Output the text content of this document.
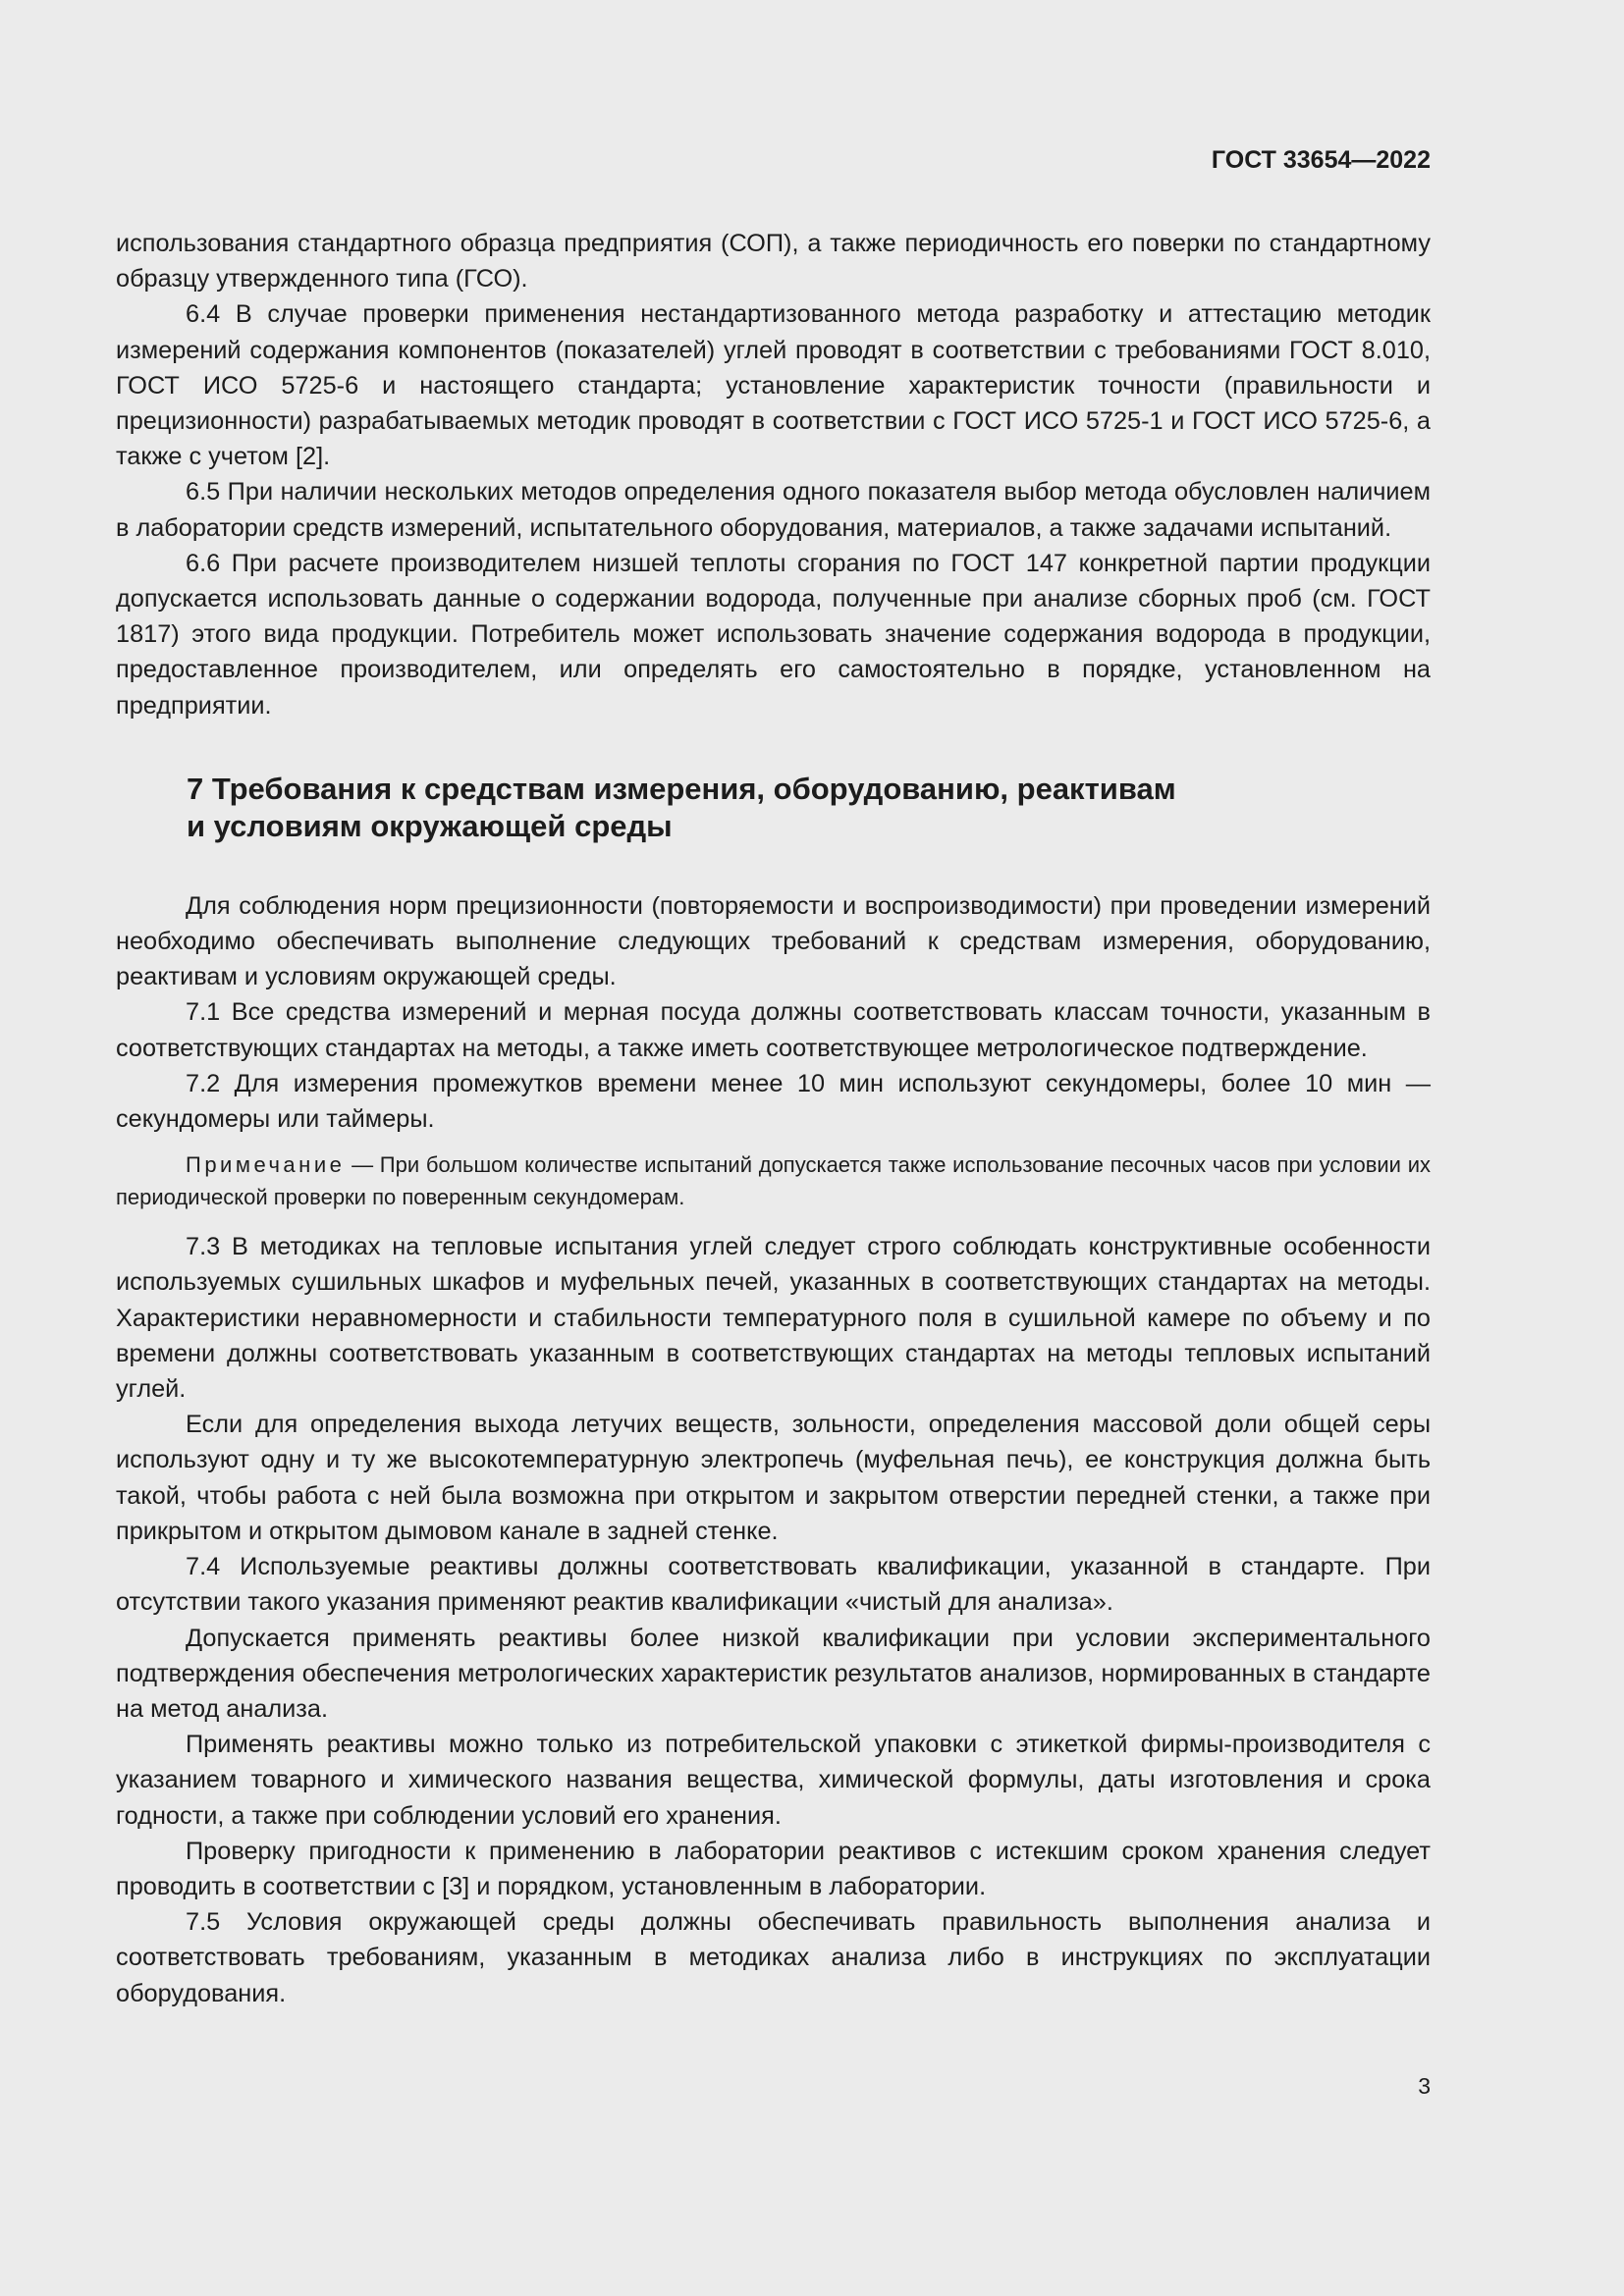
ГОСТ 33654—2022

использования стандартного образца предприятия (СОП), а также периодичность его поверки по стандартному образцу утвержденного типа (ГСО).

6.4 В случае проверки применения нестандартизованного метода разработку и аттестацию методик измерений содержания компонентов (показателей) углей проводят в соответствии с требованиями ГОСТ 8.010, ГОСТ ИСО 5725-6 и настоящего стандарта; установление характеристик точности (правильности и прецизионности) разрабатываемых методик проводят в соответствии с ГОСТ ИСО 5725-1 и ГОСТ ИСО 5725-6, а также с учетом [2].

6.5 При наличии нескольких методов определения одного показателя выбор метода обусловлен наличием в лаборатории средств измерений, испытательного оборудования, материалов, а также задачами испытаний.

6.6 При расчете производителем низшей теплоты сгорания по ГОСТ 147 конкретной партии продукции допускается использовать данные о содержании водорода, полученные при анализе сборных проб (см. ГОСТ 1817) этого вида продукции. Потребитель может использовать значение содержания водорода в продукции, предоставленное производителем, или определять его самостоятельно в порядке, установленном на предприятии.

7 Требования к средствам измерения, оборудованию, реактивам
и условиям окружающей среды

Для соблюдения норм прецизионности (повторяемости и воспроизводимости) при проведении измерений необходимо обеспечивать выполнение следующих требований к средствам измерения, оборудованию, реактивам и условиям окружающей среды.

7.1 Все средства измерений и мерная посуда должны соответствовать классам точности, указанным в соответствующих стандартах на методы, а также иметь соответствующее метрологическое подтверждение.

7.2 Для измерения промежутков времени менее 10 мин используют секундомеры, более 10 мин — секундомеры или таймеры.

Примечание — При большом количестве испытаний допускается также использование песочных часов при условии их периодической проверки по поверенным секундомерам.

7.3 В методиках на тепловые испытания углей следует строго соблюдать конструктивные особенности используемых сушильных шкафов и муфельных печей, указанных в соответствующих стандартах на методы. Характеристики неравномерности и стабильности температурного поля в сушильной камере по объему и по времени должны соответствовать указанным в соответствующих стандартах на методы тепловых испытаний углей.

Если для определения выхода летучих веществ, зольности, определения массовой доли общей серы используют одну и ту же высокотемпературную электропечь (муфельная печь), ее конструкция должна быть такой, чтобы работа с ней была возможна при открытом и закрытом отверстии передней стенки, а также при прикрытом и открытом дымовом канале в задней стенке.

7.4 Используемые реактивы должны соответствовать квалификации, указанной в стандарте. При отсутствии такого указания применяют реактив квалификации «чистый для анализа».

Допускается применять реактивы более низкой квалификации при условии экспериментального подтверждения обеспечения метрологических характеристик результатов анализов, нормированных в стандарте на метод анализа.

Применять реактивы можно только из потребительской упаковки с этикеткой фирмы-производителя с указанием товарного и химического названия вещества, химической формулы, даты изготовления и срока годности, а также при соблюдении условий его хранения.

Проверку пригодности к применению в лаборатории реактивов с истекшим сроком хранения следует проводить в соответствии с [3] и порядком, установленным в лаборатории.

7.5 Условия окружающей среды должны обеспечивать правильность выполнения анализа и соответствовать требованиям, указанным в методиках анализа либо в инструкциях по эксплуатации оборудования.

3
